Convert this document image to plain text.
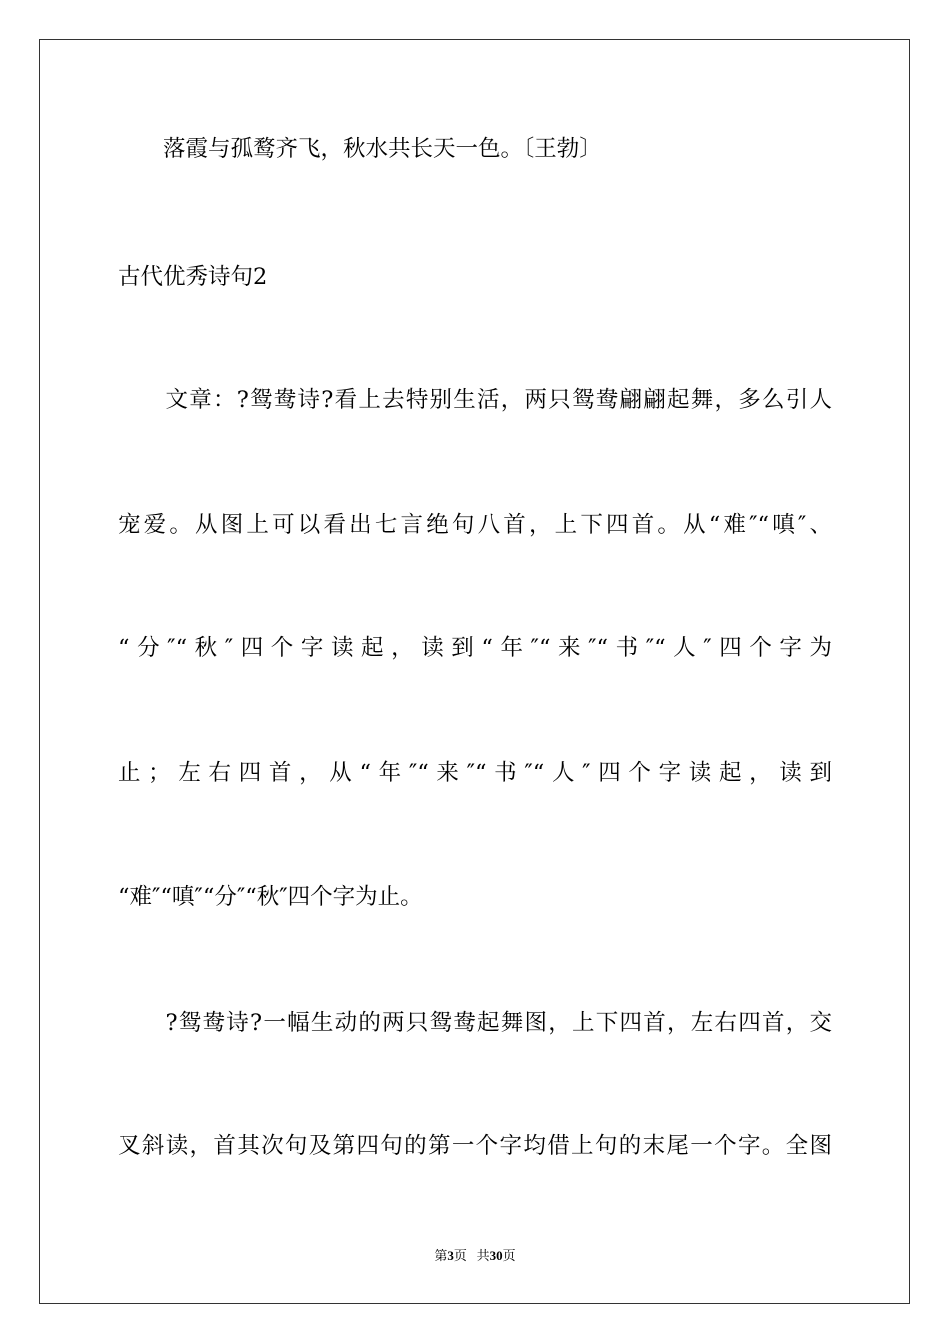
　　落霞与孤鹜齐飞，秋水共长天一色。〔王勃〕
古代优秀诗句2
　　文章：?鸳鸯诗?看上去特别生活，两只鸳鸯翩翩起舞，多么引人
宠爱。从图上可以看出七言绝句八首，上下四首。从“难″“嗔″、
“分″“秋″四个字读起，读到“年″“来″“书″“人″四个字为
止；左右四首，从“年″“来″“书″“人″四个字读起，读到
“难″“嗔″“分″“秋″四个字为止。
　　?鸳鸯诗?一幅生动的两只鸳鸯起舞图，上下四首，左右四首，交
叉斜读，首其次句及第四句的第一个字均借上句的末尾一个字。全图
第3页 共30页
